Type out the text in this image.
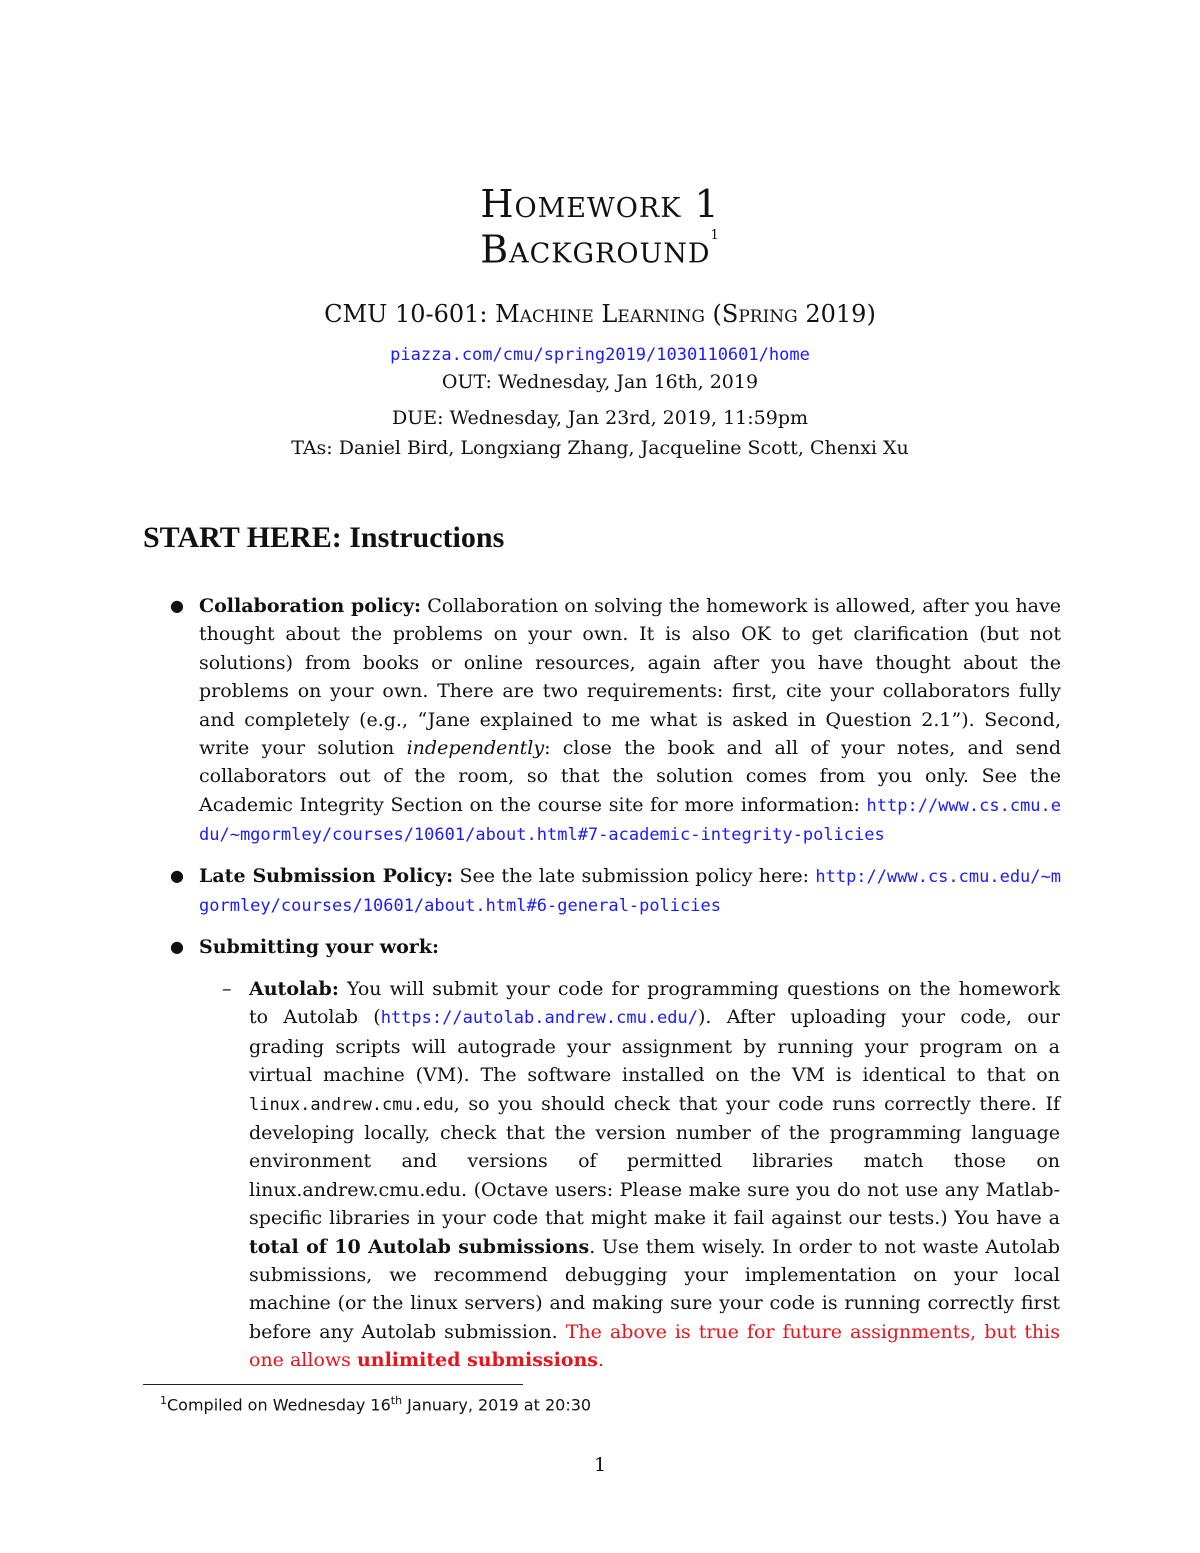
Homework 1
Background$^1$
CMU 10-601: Machine Learning (Spring 2019)
piazza.com/cmu/spring2019/1030110601/home
OUT: Wednesday, Jan 16th, 2019
DUE: Wednesday, Jan 23rd, 2019, 11:59pm
TAs: Daniel Bird, Longxiang Zhang, Jacqueline Scott, Chenxi Xu
START HERE: Instructions
● Collaboration policy: Collaboration on solving the homework is allowed, after you have thought about the problems on your own. It is also OK to get clarification (but not solutions) from books or online resources, again after you have thought about the problems on your own. There are two requirements: first, cite your collaborators fully and completely (e.g., “Jane explained to me what is asked in Question 2.1”). Second, write your solution independently: close the book and all of your notes, and send collaborators out of the room, so that the solution comes from you only. See the Academic Integrity Section on the course site for more information: http://www.cs.cmu.edu/~mgormley/courses/10601/about.html#7-academic-integrity-policies
● Late Submission Policy: See the late submission policy here: http://www.cs.cmu.edu/~mgormley/courses/10601/about.html#6-general-policies
● Submitting your work:
– Autolab: You will submit your code for programming questions on the homework to Autolab (https://autolab.andrew.cmu.edu/). After uploading your code, our grading scripts will autograde your assignment by running your program on a virtual machine (VM). The software installed on the VM is identical to that on linux.andrew.cmu.edu, so you should check that your code runs correctly there. If developing locally, check that the version number of the programming language environment and versions of permitted libraries match those on linux.andrew.cmu.edu. (Octave users: Please make sure you do not use any Matlab-specific libraries in your code that might make it fail against our tests.) You have a total of 10 Autolab submissions. Use them wisely. In order to not waste Autolab submissions, we recommend debugging your implementation on your local machine (or the linux servers) and making sure your code is running correctly first before any Autolab submission. The above is true for future assignments, but this one allows unlimited submissions.
$^1$Compiled on Wednesday 16th January, 2019 at 20:30
1
